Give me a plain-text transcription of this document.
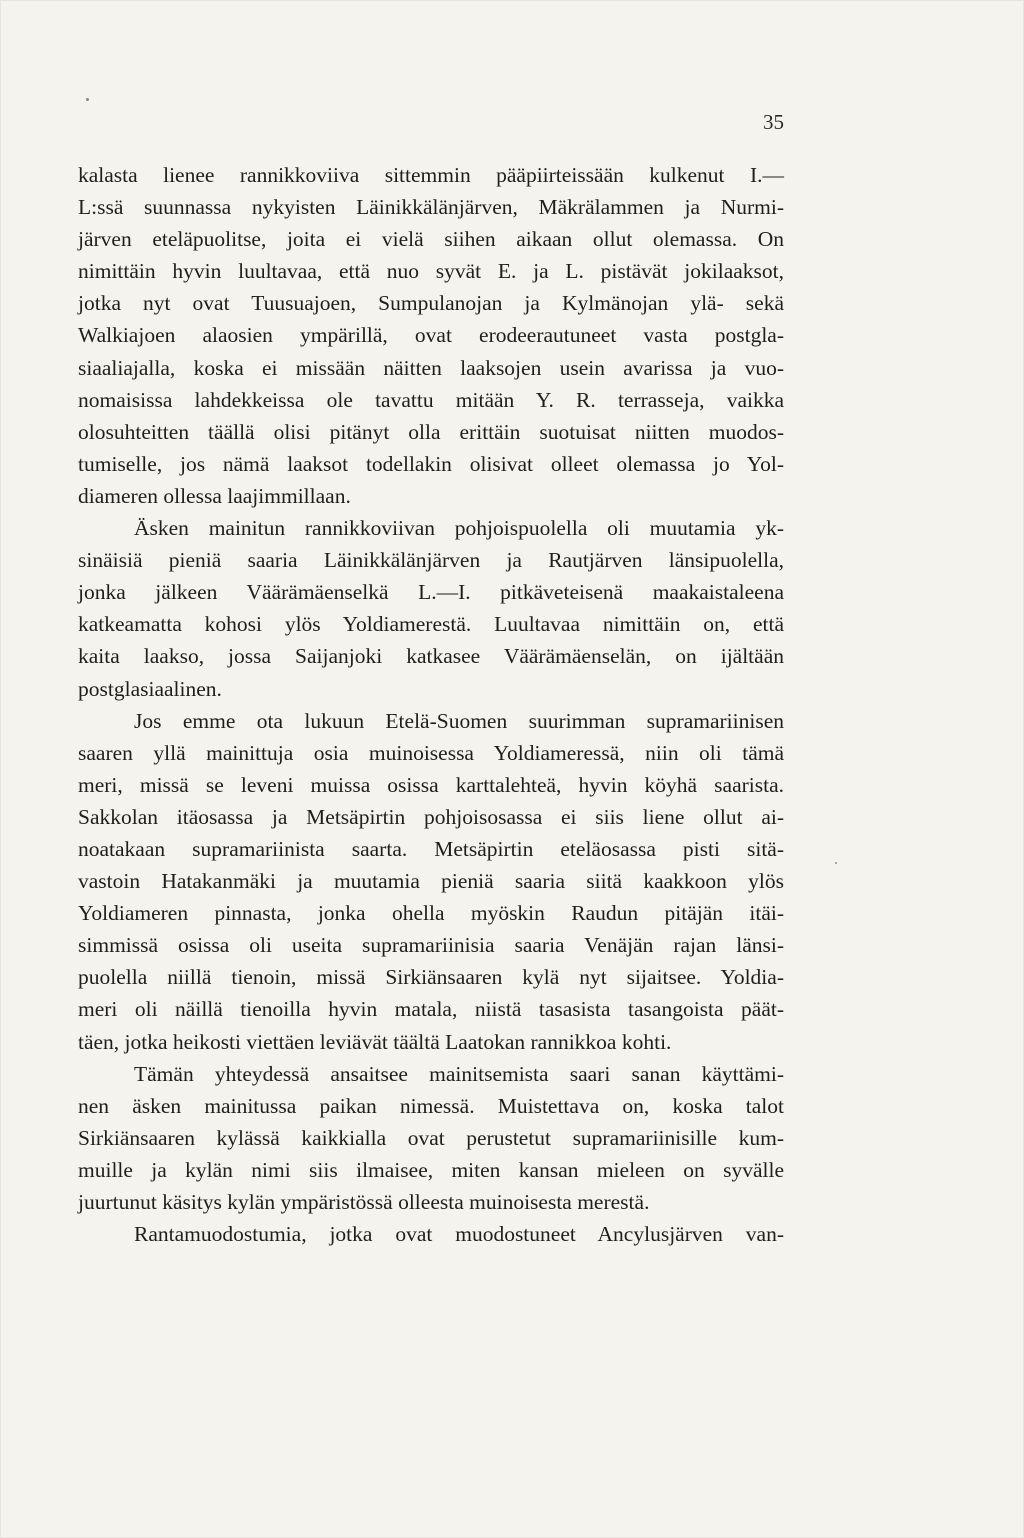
35
kalasta lienee rannikkoviiva sittemmin pääpiirteissään kulkenut I.—
L:ssä suunnassa nykyisten Läinikkälänjärven, Mäkrälammen ja Nurmi-
järven eteläpuolitse, joita ei vielä siihen aikaan ollut olemassa. On
nimittäin hyvin luultavaa, että nuo syvät E. ja L. pistävät jokilaaksot,
jotka nyt ovat Tuusuajoen, Sumpulanojan ja Kylmänojan ylä- sekä
Walkiajoen alaosien ympärillä, ovat erodeerautuneet vasta postgla-
siaaliajalla, koska ei missään näitten laaksojen usein avarissa ja vuo-
nomaisissa lahdekkeissa ole tavattu mitään Y. R. terrasseja, vaikka
olosuhteitten täällä olisi pitänyt olla erittäin suotuisat niitten muodos-
tumiselle, jos nämä laaksot todellakin olisivat olleet olemassa jo Yol-
diameren ollessa laajimmillaan.
Äsken mainitun rannikkoviivan pohjoispuolella oli muutamia yk-
sinäisiä pieniä saaria Läinikkälänjärven ja Rautjärven länsipuolella,
jonka jälkeen Väärämäenselkä L.—I. pitkäveteisenä maakaistaleena
katkeamatta kohosi ylös Yoldiamerestä. Luultavaa nimittäin on, että
kaita laakso, jossa Saijanjoki katkasee Väärämäenselän, on ijältään
postglasiaalinen.
Jos emme ota lukuun Etelä-Suomen suurimman supramariinisen
saaren yllä mainittuja osia muinoisessa Yoldiameressä, niin oli tämä
meri, missä se leveni muissa osissa karttalehteä, hyvin köyhä saarista.
Sakkolan itäosassa ja Metsäpirtin pohjoisosassa ei siis liene ollut ai-
noatakaan supramariinista saarta. Metsäpirtin eteläosassa pisti sitä-
vastoin Hatakanmäki ja muutamia pieniä saaria siitä kaakkoon ylös
Yoldiameren pinnasta, jonka ohella myöskin Raudun pitäjän itäi-
simmissä osissa oli useita supramariinisia saaria Venäjän rajan länsi-
puolella niillä tienoin, missä Sirkiänsaaren kylä nyt sijaitsee. Yoldia-
meri oli näillä tienoilla hyvin matala, niistä tasasista tasangoista päät-
täen, jotka heikosti viettäen leviävät täältä Laatokan rannikkoa kohti.
Tämän yhteydessä ansaitsee mainitsemista saari sanan käyttämi-
nen äsken mainitussa paikan nimessä. Muistettava on, koska talot
Sirkiänsaaren kylässä kaikkialla ovat perustetut supramariinisille kum-
muille ja kylän nimi siis ilmaisee, miten kansan mieleen on syvälle
juurtunut käsitys kylän ympäristössä olleesta muinoisesta merestä.
Rantamuodostumia, jotka ovat muodostuneet Ancylusjärven van-
